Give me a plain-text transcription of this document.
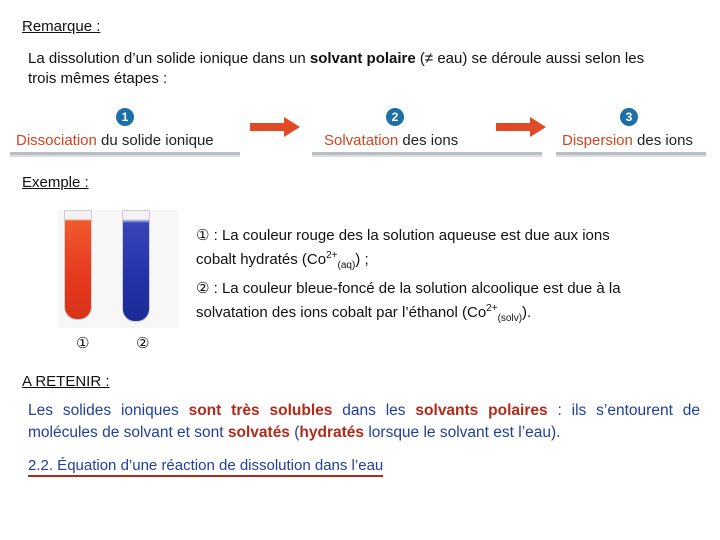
Remarque :
La dissolution d’un solide ionique dans un solvant polaire (≠ eau) se déroule aussi selon les
trois mêmes étapes :
1
Dissociation du solide ionique
2
Solvatation des ions
3
Dispersion des ions
Exemple :
①	②
① : La couleur rouge des la solution aqueuse est due aux ions
cobalt hydratés $(Co^{2+}_{(aq)})$ ;
② : La couleur bleue-foncé de la solution alcoolique est due à la
solvatation des ions cobalt par l’éthanol $(Co^{2+}_{(solv)})$.
A RETENIR :
Les solides ioniques sont très solubles dans les solvants polaires : ils s’entourent de
molécules de solvant et sont solvatés (hydratés lorsque le solvant est l’eau).
2.2. Équation d’une réaction de dissolution dans l’eau
